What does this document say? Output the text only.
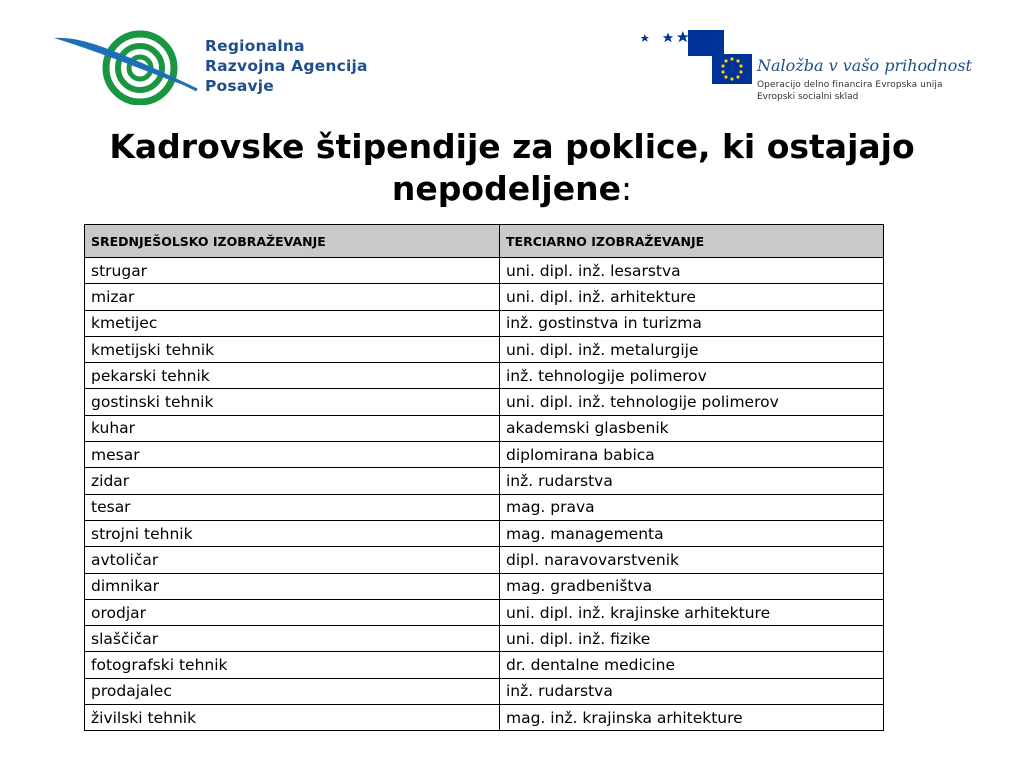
Regionalna
Razvojna Agencija
Posavje
Naložba v vašo prihodnost
Operacijo delno financira Evropska unija
Evropski socialni sklad
Kadrovske štipendije za poklice, ki ostajajo nepodeljene:
SREDNJEŠOLSKO IZOBRAŽEVANJE	TERCIARNO IZOBRAŽEVANJE
strugar	uni. dipl. inž. lesarstva
mizar	uni. dipl. inž. arhitekture
kmetijec	inž. gostinstva in turizma
kmetijski tehnik	uni. dipl. inž. metalurgije
pekarski tehnik	inž. tehnologije polimerov
gostinski tehnik	uni. dipl. inž. tehnologije polimerov
kuhar	akademski glasbenik
mesar	diplomirana babica
zidar	inž. rudarstva
tesar	mag. prava
strojni tehnik	mag. managementa
avtoličar	dipl. naravovarstvenik
dimnikar	mag. gradbeništva
orodjar	uni. dipl. inž. krajinske arhitekture
slaščičar	uni. dipl. inž. fizike
fotografski tehnik	dr. dentalne medicine
prodajalec	inž. rudarstva
živilski tehnik	mag. inž. krajinska arhitekture
